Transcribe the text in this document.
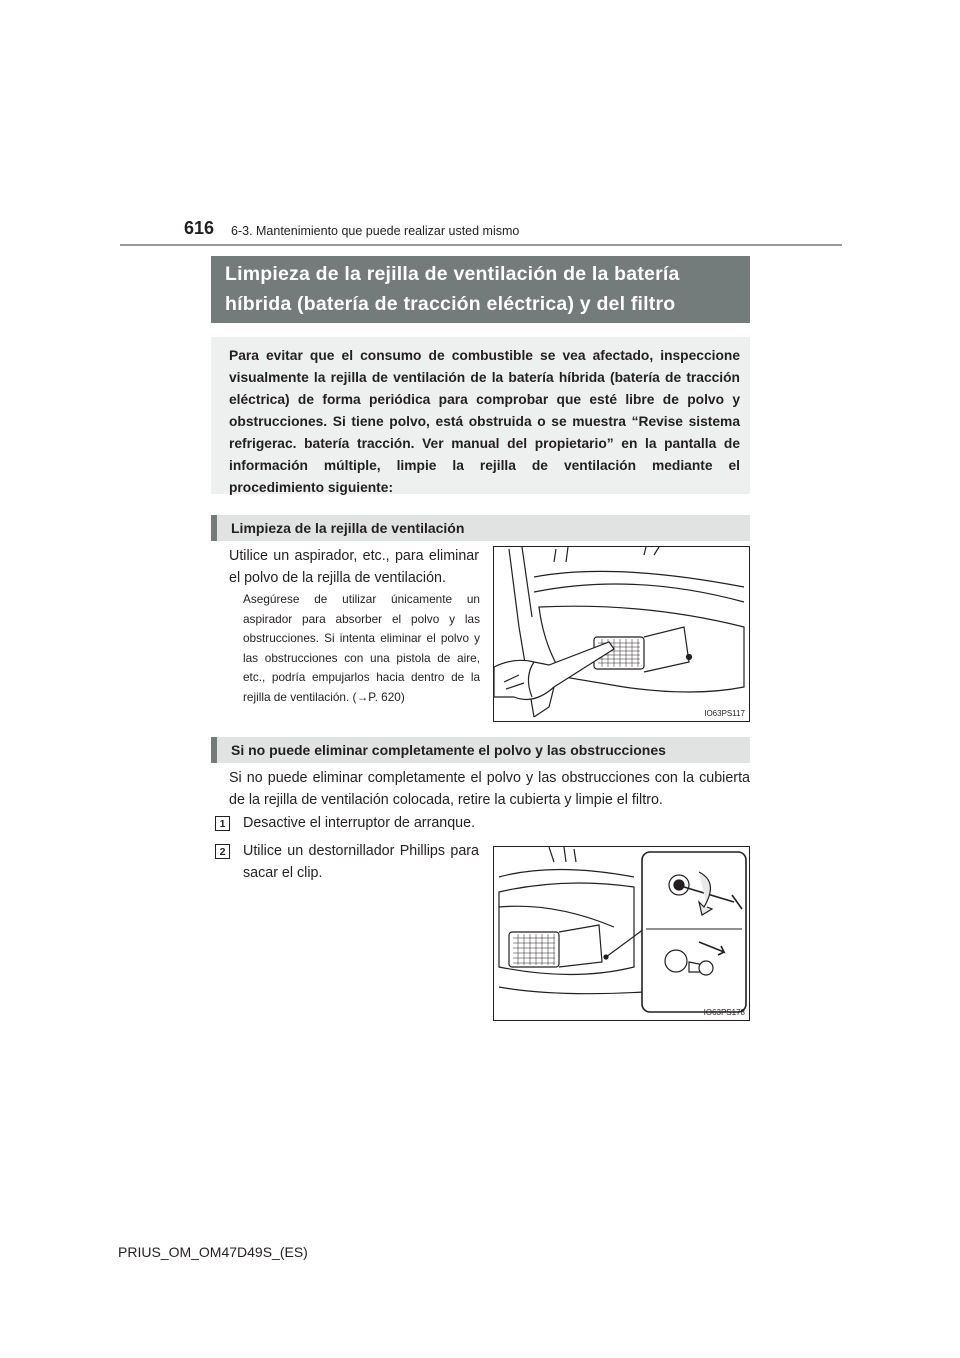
616 6-3. Mantenimiento que puede realizar usted mismo
Limpieza de la rejilla de ventilación de la batería
híbrida (batería de tracción eléctrica) y del filtro
Para evitar que el consumo de combustible se vea afectado, inspeccione visualmente la rejilla de ventilación de la batería híbrida (batería de tracción eléctrica) de forma periódica para comprobar que esté libre de polvo y obstrucciones. Si tiene polvo, está obstruida o se muestra “Revise sistema refrigerac. batería tracción. Ver manual del propietario” en la pantalla de información múltiple, limpie la rejilla de ventilación mediante el procedimiento siguiente:
Limpieza de la rejilla de ventilación
Utilice un aspirador, etc., para eliminar el polvo de la rejilla de ventilación.
Asegúrese de utilizar únicamente un aspirador para absorber el polvo y las obstrucciones. Si intenta eliminar el polvo y las obstrucciones con una pistola de aire, etc., podría empujarlos hacia dentro de la rejilla de ventilación. (→P. 620)
IO63PS117
Si no puede eliminar completamente el polvo y las obstrucciones
Si no puede eliminar completamente el polvo y las obstrucciones con la cubierta de la rejilla de ventilación colocada, retire la cubierta y limpie el filtro.
1	Desactive el interruptor de arranque.
2	Utilice un destornillador Phillips para sacar el clip.
IO63PS178
PRIUS_OM_OM47D49S_(ES)
